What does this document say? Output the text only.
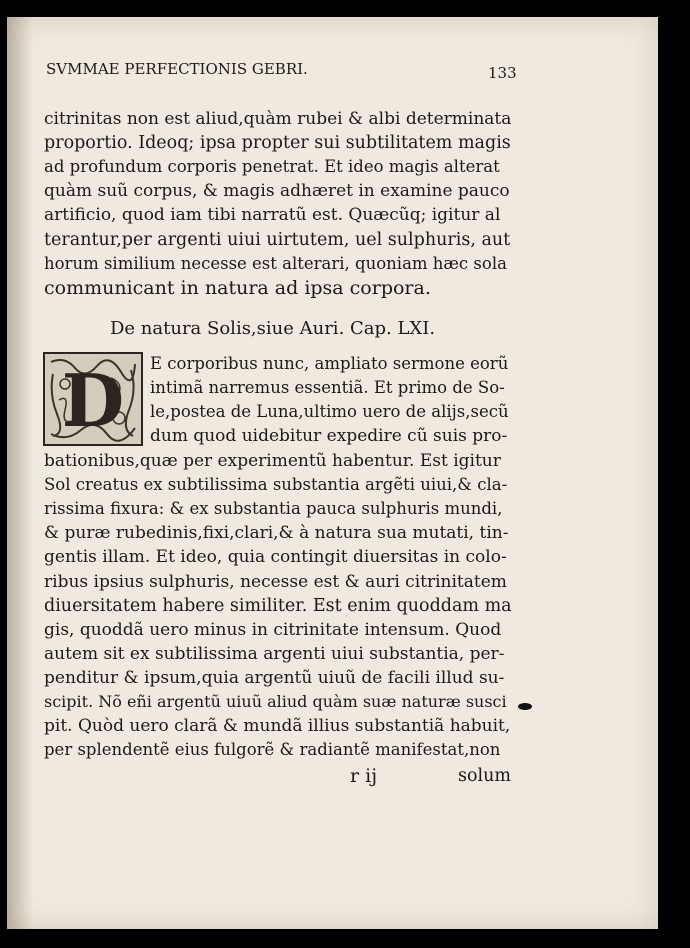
SVMMAE PERFECTIONIS GEBRI.	133
citrinitas non est aliud,quàm rubei & albi determinata
proportio. Ideoq; ipsa propter sui subtilitatem magis
ad profundum corporis penetrat. Et ideo magis alterat
quàm suũ corpus, & magis adhæret in examine pauco
artificio, quod iam tibi narratũ est. Quæcũq; igitur al
terantur,per argenti uiui uirtutem, uel sulphuris, aut
horum similium necesse est alterari, quoniam hæc sola
communicant in natura ad ipsa corpora.
De natura Solis,siue Auri. Cap. LXI.
D E corporibus nunc, ampliato sermone eorũ
intimã narremus essentiã. Et primo de So-
le,postea de Luna,ultimo uero de alijs,secũ
dum quod uidebitur expedire cũ suis pro-
bationibus,quæ per experimentũ habentur. Est igitur
Sol creatus ex subtilissima substantia argẽti uiui,& cla-
rissima fixura: & ex substantia pauca sulphuris mundi,
& puræ rubedinis,fixi,clari,& à natura sua mutati, tin-
gentis illam. Et ideo, quia contingit diuersitas in colo-
ribus ipsius sulphuris, necesse est & auri citrinitatem
diuersitatem habere similiter. Est enim quoddam ma
gis, quoddã uero minus in citrinitate intensum. Quod
autem sit ex subtilissima argenti uiui substantia, per-
penditur & ipsum,quia argentũ uiuũ de facili illud su-
scipit. Nõ eñi argentũ uiuũ aliud quàm suæ naturæ susci
pit. Quòd uero clarã & mundã illius substantiã habuit,
per splendentẽ eius fulgorẽ & radiantẽ manifestat,non
r ij	solum
